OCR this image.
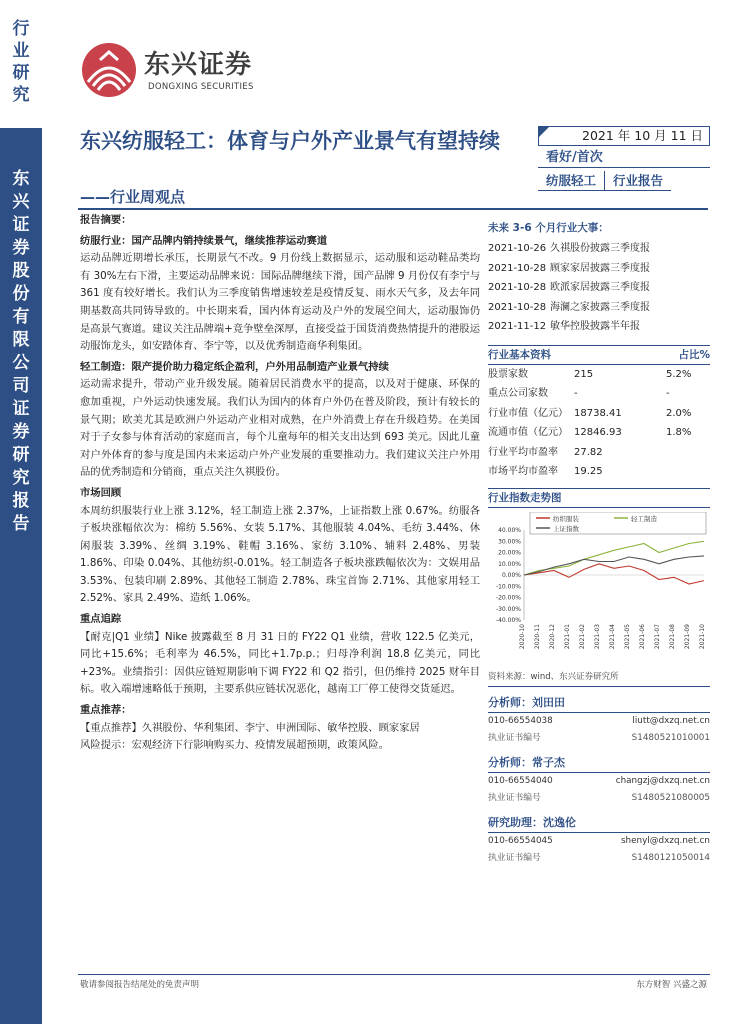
行
业
研
究
东
兴
证
券
股
份
有
限
公
司
证
券
研
究
报
告
东兴证券
DONGXING SECURITIES
东兴纺服轻工：体育与户外产业景气有望持续
——行业周观点
2021 年 10 月 11 日
看好/首次
纺服轻工	行业报告
报告摘要：
纺服行业：国产品牌内销持续景气，继续推荐运动赛道

运动品牌近期增长承压，长期景气不改。9 月份线上数据显示，运动服和运动鞋品类均有 30%左右下滑，主要运动品牌来说：国际品牌继续下滑，国产品牌 9 月份仅有李宁与 361 度有较好增长。我们认为三季度销售增速较差是疫情反复、雨水天气多，及去年同期基数高共同铸导致的。中长期来看，国内体育运动及户外的发展空间大，运动服饰仍是高景气赛道。建议关注品牌端+竞争壁垒深厚，直接受益于国货消费热情提升的港股运动服饰龙头，如安踏体育、李宁等，以及优秀制造商华利集团。

轻工制造：限产提价助力稳定纸企盈利，户外用品制造产业景气持续

运动需求提升，带动产业升级发展。随着居民消费水平的提高，以及对于健康、环保的愈加重视，户外运动快速发展。我们认为国内的体育户外仍在普及阶段，预计有较长的景气期；欧美尤其是欧洲户外运动产业相对成熟，在户外消费上存在升级趋势。在美国对于子女参与体育活动的家庭而言，每个儿童每年的相关支出达到 693 美元。因此儿童对户外体育的参与度是国内未来运动户外产业发展的重要推动力。我们建议关注户外用品的优秀制造和分销商，重点关注久祺股份。

市场回顾

本周纺织服装行业上涨 3.12%，轻工制造上涨 2.37%，上证指数上涨 0.67%。纺服各子板块涨幅依次为：棉纺 5.56%、女装 5.17%、其他服装 4.04%、毛纺 3.44%、休闲服装 3.39%、丝绸 3.19%、鞋帽 3.16%、家纺 3.10%、辅料 2.48%、男装 1.86%、印染 0.04%、其他纺织-0.01%。轻工制造各子板块涨跌幅依次为：文娱用品 3.53%、包装印刷 2.89%、其他轻工制造 2.78%、珠宝首饰 2.71%、其他家用轻工 2.52%、家具 2.49%、造纸 1.06%。

重点追踪

【耐克|Q1 业绩】Nike 披露截至 8 月 31 日的 FY22 Q1 业绩，营收 122.5 亿美元，同比+15.6%；毛利率为 46.5%，同比+1.7p.p.；归母净利润 18.8 亿美元，同比+23%。业绩指引：因供应链短期影响下调 FY22 和 Q2 指引，但仍维持 2025 财年目标。收入端增速略低于预期，主要系供应链状况恶化，越南工厂停工使得交货延迟。

重点推荐：

【重点推荐】久祺股份、华利集团、李宁、申洲国际、敏华控股、顾家家居

风险提示：宏观经济下行影响购买力、疫情发展超预期，政策风险。

未来 3-6 个月行业大事：
2021-10-26 久祺股份披露三季度报
2021-10-28 顾家家居披露三季度报
2021-10-28 欧派家居披露三季度报
2021-10-28 海澜之家披露三季度报
2021-11-12 敏华控股披露半年报
行业基本资料	占比%
股票家数	215	5.2%
重点公司家数	-	-
行业市值（亿元） 18738.41	2.0%
流通市值（亿元） 12846.93	1.8%
行业平均市盈率	27.82
市场平均市盈率	19.25
行业指数走势图
纺织服装	轻工制造
上证指数
40.00%
30.00%
20.00%
10.00%
0.00%
-10.00%
-20.00%
-30.00%
-40.00%
2020-10 2020-11 2020-12 2021-01 2021-02 2021-03 2021-04 2021-05 2021-06 2021-07 2021-08 2021-09 2021-10
资料来源：wind、东兴证券研究所
分析师：刘田田
010-66554038	liutt@dxzq.net.cn
执业证书编号	S1480521010001
分析师：常子杰
010-66554040	changzj@dxzq.net.cn
执业证书编号	S1480521080005
研究助理：沈逸伦
010-66554045	shenyl@dxzq.net.cn
执业证书编号	S1480121050014
敬请参阅报告结尾处的免责声明	东方财智 兴盛之源
